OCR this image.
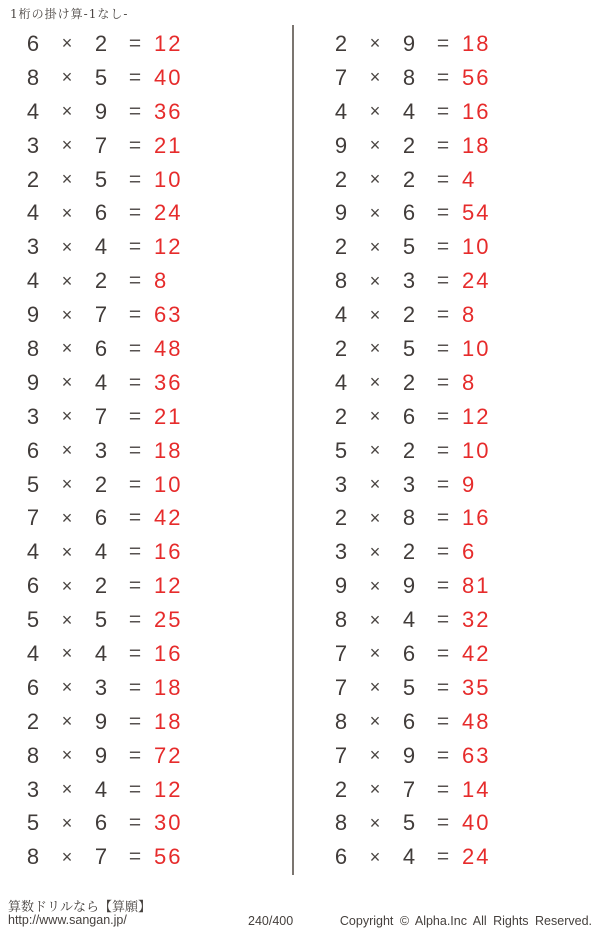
1桁の掛け算-1なし-
6	×	2	= 12
8	×	5	= 40
4	×	9	= 36
3	×	7	= 21
2	×	5	= 10
4	×	6	= 24
3	×	4	= 12
4	×	2	= 8
9	×	7	= 63
8	×	6	= 48
9	×	4	= 36
3	×	7	= 21
6	×	3	= 18
5	×	2	= 10
7	×	6	= 42
4	×	4	= 16
6	×	2	= 12
5	×	5	= 25
4	×	4	= 16
6	×	3	= 18
2	×	9	= 18
8	×	9	= 72
3	×	4	= 12
5	×	6	= 30
8	×	7	= 56
2	×	9	= 18
7	×	8	= 56
4	×	4	= 16
9	×	2	= 18
2	×	2	= 4
9	×	6	= 54
2	×	5	= 10
8	×	3	= 24
4	×	2	= 8
2	×	5	= 10
4	×	2	= 8
2	×	6	= 12
5	×	2	= 10
3	×	3	= 9
2	×	8	= 16
3	×	2	= 6
9	×	9	= 81
8	×	4	= 32
7	×	6	= 42
7	×	5	= 35
8	×	6	= 48
7	×	9	= 63
2	×	7	= 14
8	×	5	= 40
6	×	4	= 24
算数ドリルなら【算願】
http://www.sangan.jp/	240/400	Copyright © Alpha.Inc All Rights Reserved.
